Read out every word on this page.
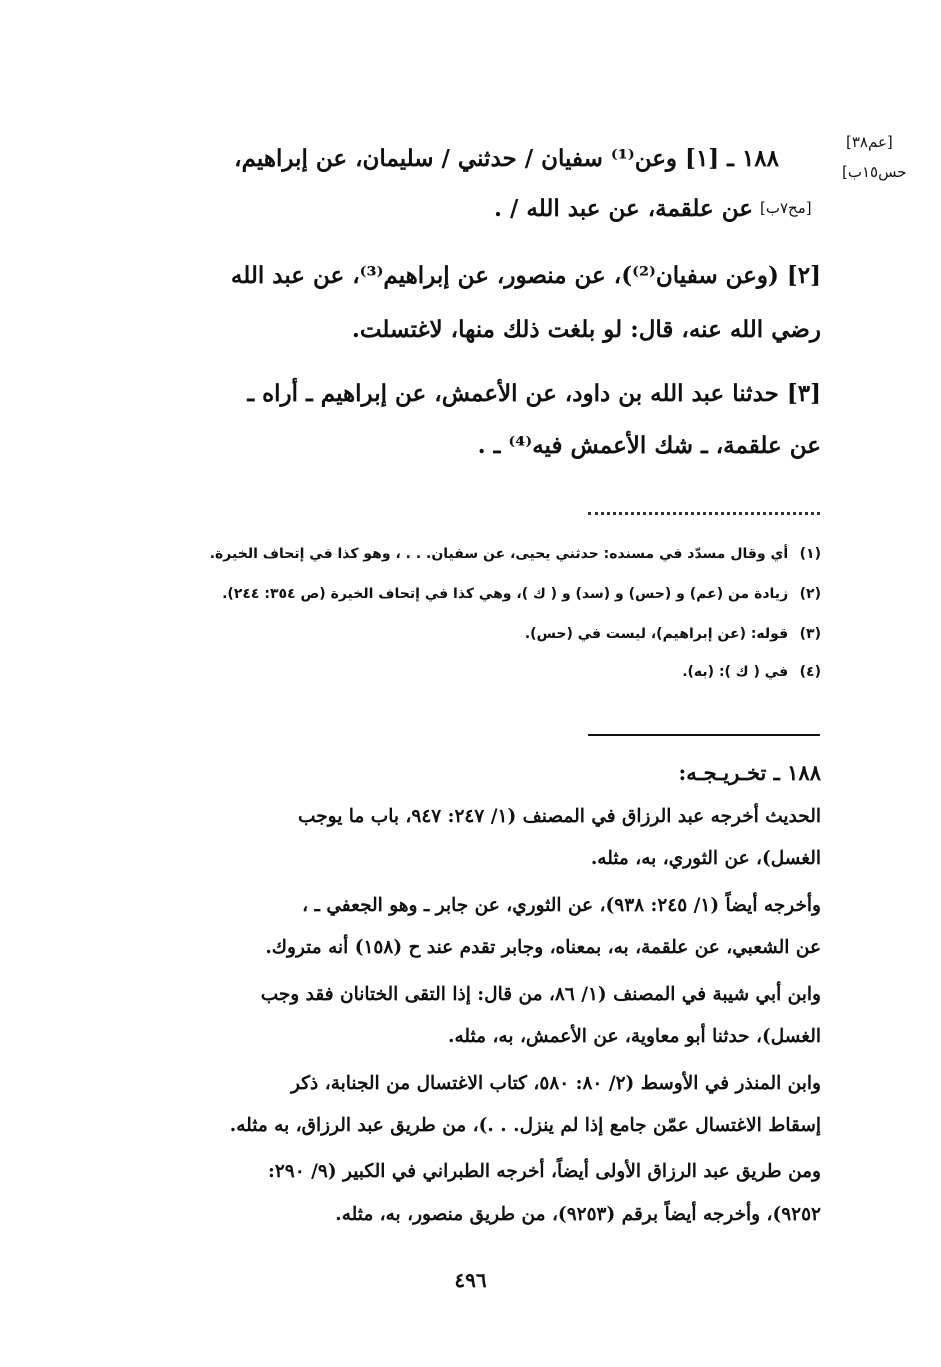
[عم٣٨]
حس١٥ب]
[مح٧ب]
١٨٨ ـ [١] وعن⁽¹⁾ سفيان / حدثني / سليمان، عن إبراهيم،
عن علقمة، عن عبد الله / .
[٢] (وعن سفيان⁽²⁾)، عن منصور، عن إبراهيم⁽³⁾، عن عبد الله
رضي الله عنه، قال: لو بلغت ذلك منها، لاغتسلت.
[٣] حدثنا عبد الله بن داود، عن الأعمش، عن إبراهيم ـ أراه ـ
عن علقمة، ـ شك الأعمش فيه⁽⁴⁾ ـ .
(١) أي وقال مسدّد في مسنده: حدثني يحيى، عن سفيان. . . ، وهو كذا في إتحاف الخيرة.
(٢) زيادة من (عم) و (حس) و (سد) و ( ك )، وهي كذا في إتحاف الخيرة (ص ٣٥٤: ٢٤٤).
(٣) قوله: (عن إبراهيم)، ليست في (حس).
(٤) في ( ك ): (به).
١٨٨ ـ تخـريـجـه:
الحديث أخرجه عبد الرزاق في المصنف (١/ ٢٤٧: ٩٤٧، باب ما يوجب
الغسل)، عن الثوري، به، مثله.
وأخرجه أيضاً (١/ ٢٤٥: ٩٣٨)، عن الثوري، عن جابر ـ وهو الجعفي ـ ،
عن الشعبي، عن علقمة، به، بمعناه، وجابر تقدم عند ح (١٥٨) أنه متروك.
وابن أبي شيبة في المصنف (١/ ٨٦، من قال: إذا التقى الختانان فقد وجب
الغسل)، حدثنا أبو معاوية، عن الأعمش، به، مثله.
وابن المنذر في الأوسط (٢/ ٨٠: ٥٨٠، كتاب الاغتسال من الجنابة، ذكر
إسقاط الاغتسال عمّن جامع إذا لم ينزل. . .)، من طريق عبد الرزاق، به مثله.
ومن طريق عبد الرزاق الأولى أيضاً، أخرجه الطبراني في الكبير (٩/ ٢٩٠:
٩٢٥٢)، وأخرجه أيضاً برقم (٩٢٥٣)، من طريق منصور، به، مثله.
٤٩٦
